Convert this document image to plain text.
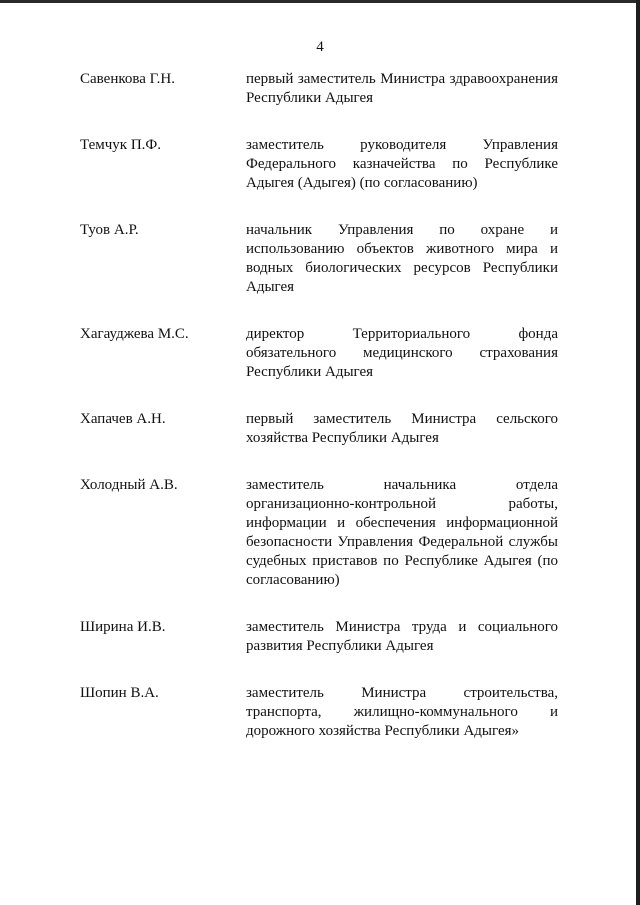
4
Савенкова Г.Н.	первый заместитель Министра здравоохранения Республики Адыгея
Темчук П.Ф.	заместитель руководителя Управления Федерального казначейства по Республике Адыгея (Адыгея) (по согласованию)
Туов А.Р.	начальник Управления по охране и использованию объектов животного мира и водных биологических ресурсов Республики Адыгея
Хагауджева М.С.	директор Территориального фонда обязательного медицинского страхования Республики Адыгея
Хапачев А.Н.	первый заместитель Министра сельского хозяйства Республики Адыгея
Холодный А.В.	заместитель начальника отдела организационно-контрольной работы, информации и обеспечения информационной безопасности Управления Федеральной службы судебных приставов по Республике Адыгея (по согласованию)
Ширина И.В.	заместитель Министра труда и социального развития Республики Адыгея
Шопин В.А.	заместитель Министра строительства, транспорта, жилищно-коммунального и дорожного хозяйства Республики Адыгея»
